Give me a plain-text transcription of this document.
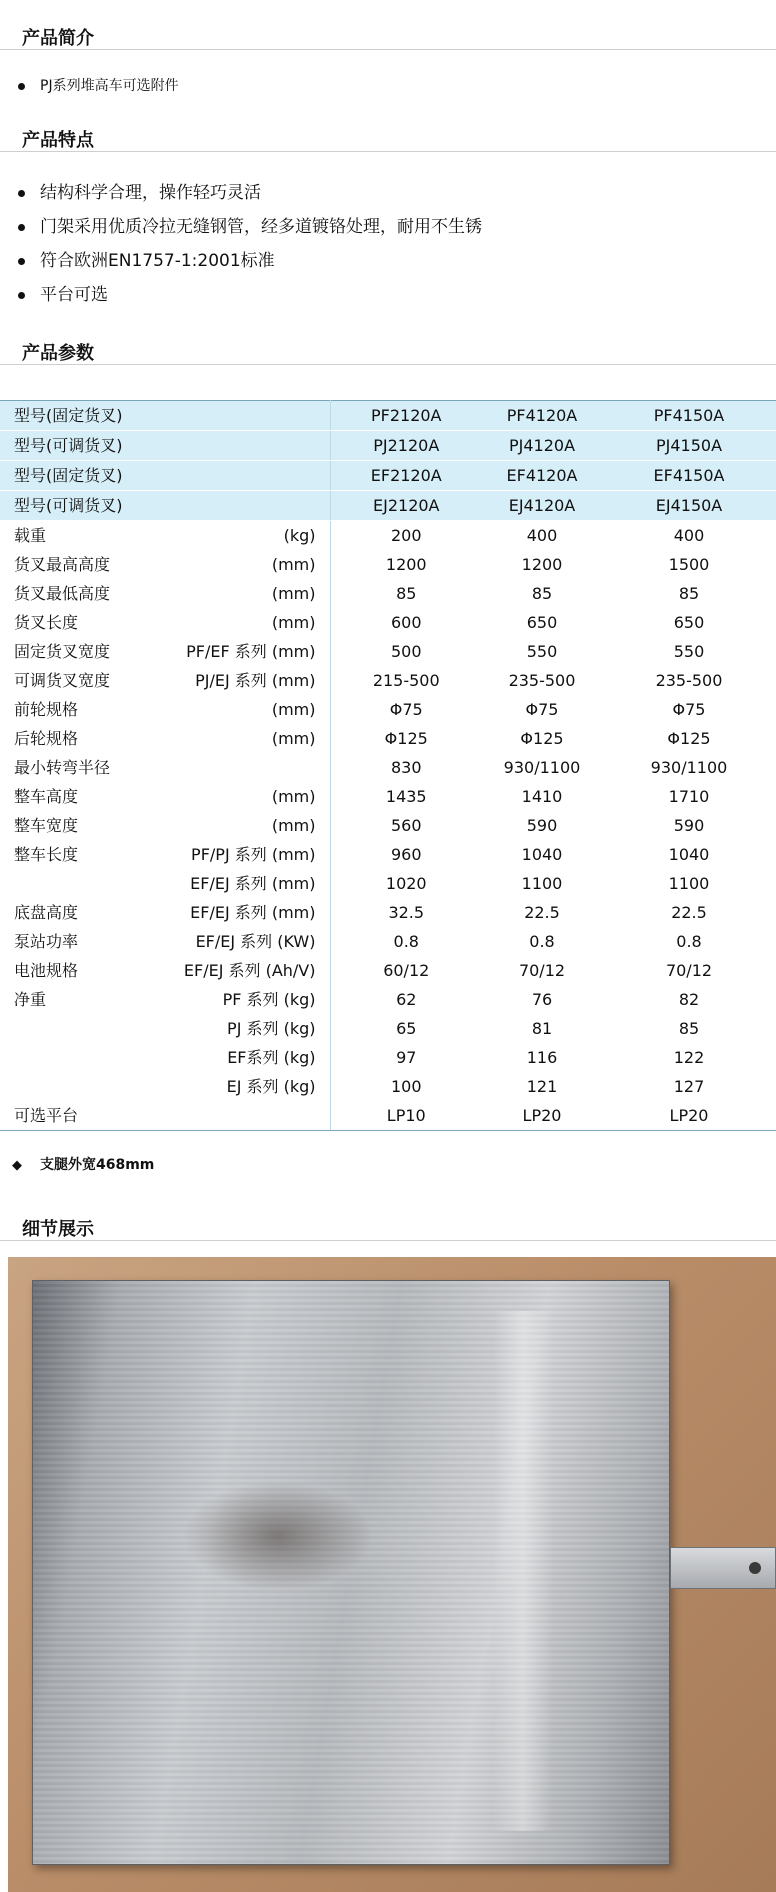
产品简介
PJ系列堆高车可选附件
产品特点
结构科学合理，操作轻巧灵活
门架采用优质冷拉无缝钢管，经多道镀铬处理，耐用不生锈
符合欧洲EN1757-1:2001标准
平台可选
产品参数
型号(固定货叉)		PF2120A	PF4120A	PF4150A
型号(可调货叉)		PJ2120A	PJ4120A	PJ4150A
型号(固定货叉)		EF2120A	EF4120A	EF4150A
型号(可调货叉)		EJ2120A	EJ4120A	EJ4150A
载重	(kg)	200	400	400
货叉最高高度	(mm)	1200	1200	1500
货叉最低高度	(mm)	85	85	85
货叉长度	(mm)	600	650	650
固定货叉宽度	PF/EF 系列 (mm)	500	550	550
可调货叉宽度	PJ/EJ 系列 (mm)	215-500	235-500	235-500
前轮规格	(mm)	Φ75	Φ75	Φ75
后轮规格	(mm)	Φ125	Φ125	Φ125
最小转弯半径		830	930/1100	930/1100
整车高度	(mm)	1435	1410	1710
整车宽度	(mm)	560	590	590
整车长度	PF/PJ 系列 (mm)	960	1040	1040
	EF/EJ 系列 (mm)	1020	1100	1100
底盘高度	EF/EJ 系列 (mm)	32.5	22.5	22.5
泵站功率	EF/EJ 系列 (KW)	0.8	0.8	0.8
电池规格	EF/EJ 系列 (Ah/V)	60/12	70/12	70/12
净重	PF 系列 (kg)	62	76	82
	PJ 系列 (kg)	65	81	85
	EF系列 (kg)	97	116	122
	EJ 系列 (kg)	100	121	127
可选平台		LP10	LP20	LP20
◆ 支腿外宽468mm
细节展示
